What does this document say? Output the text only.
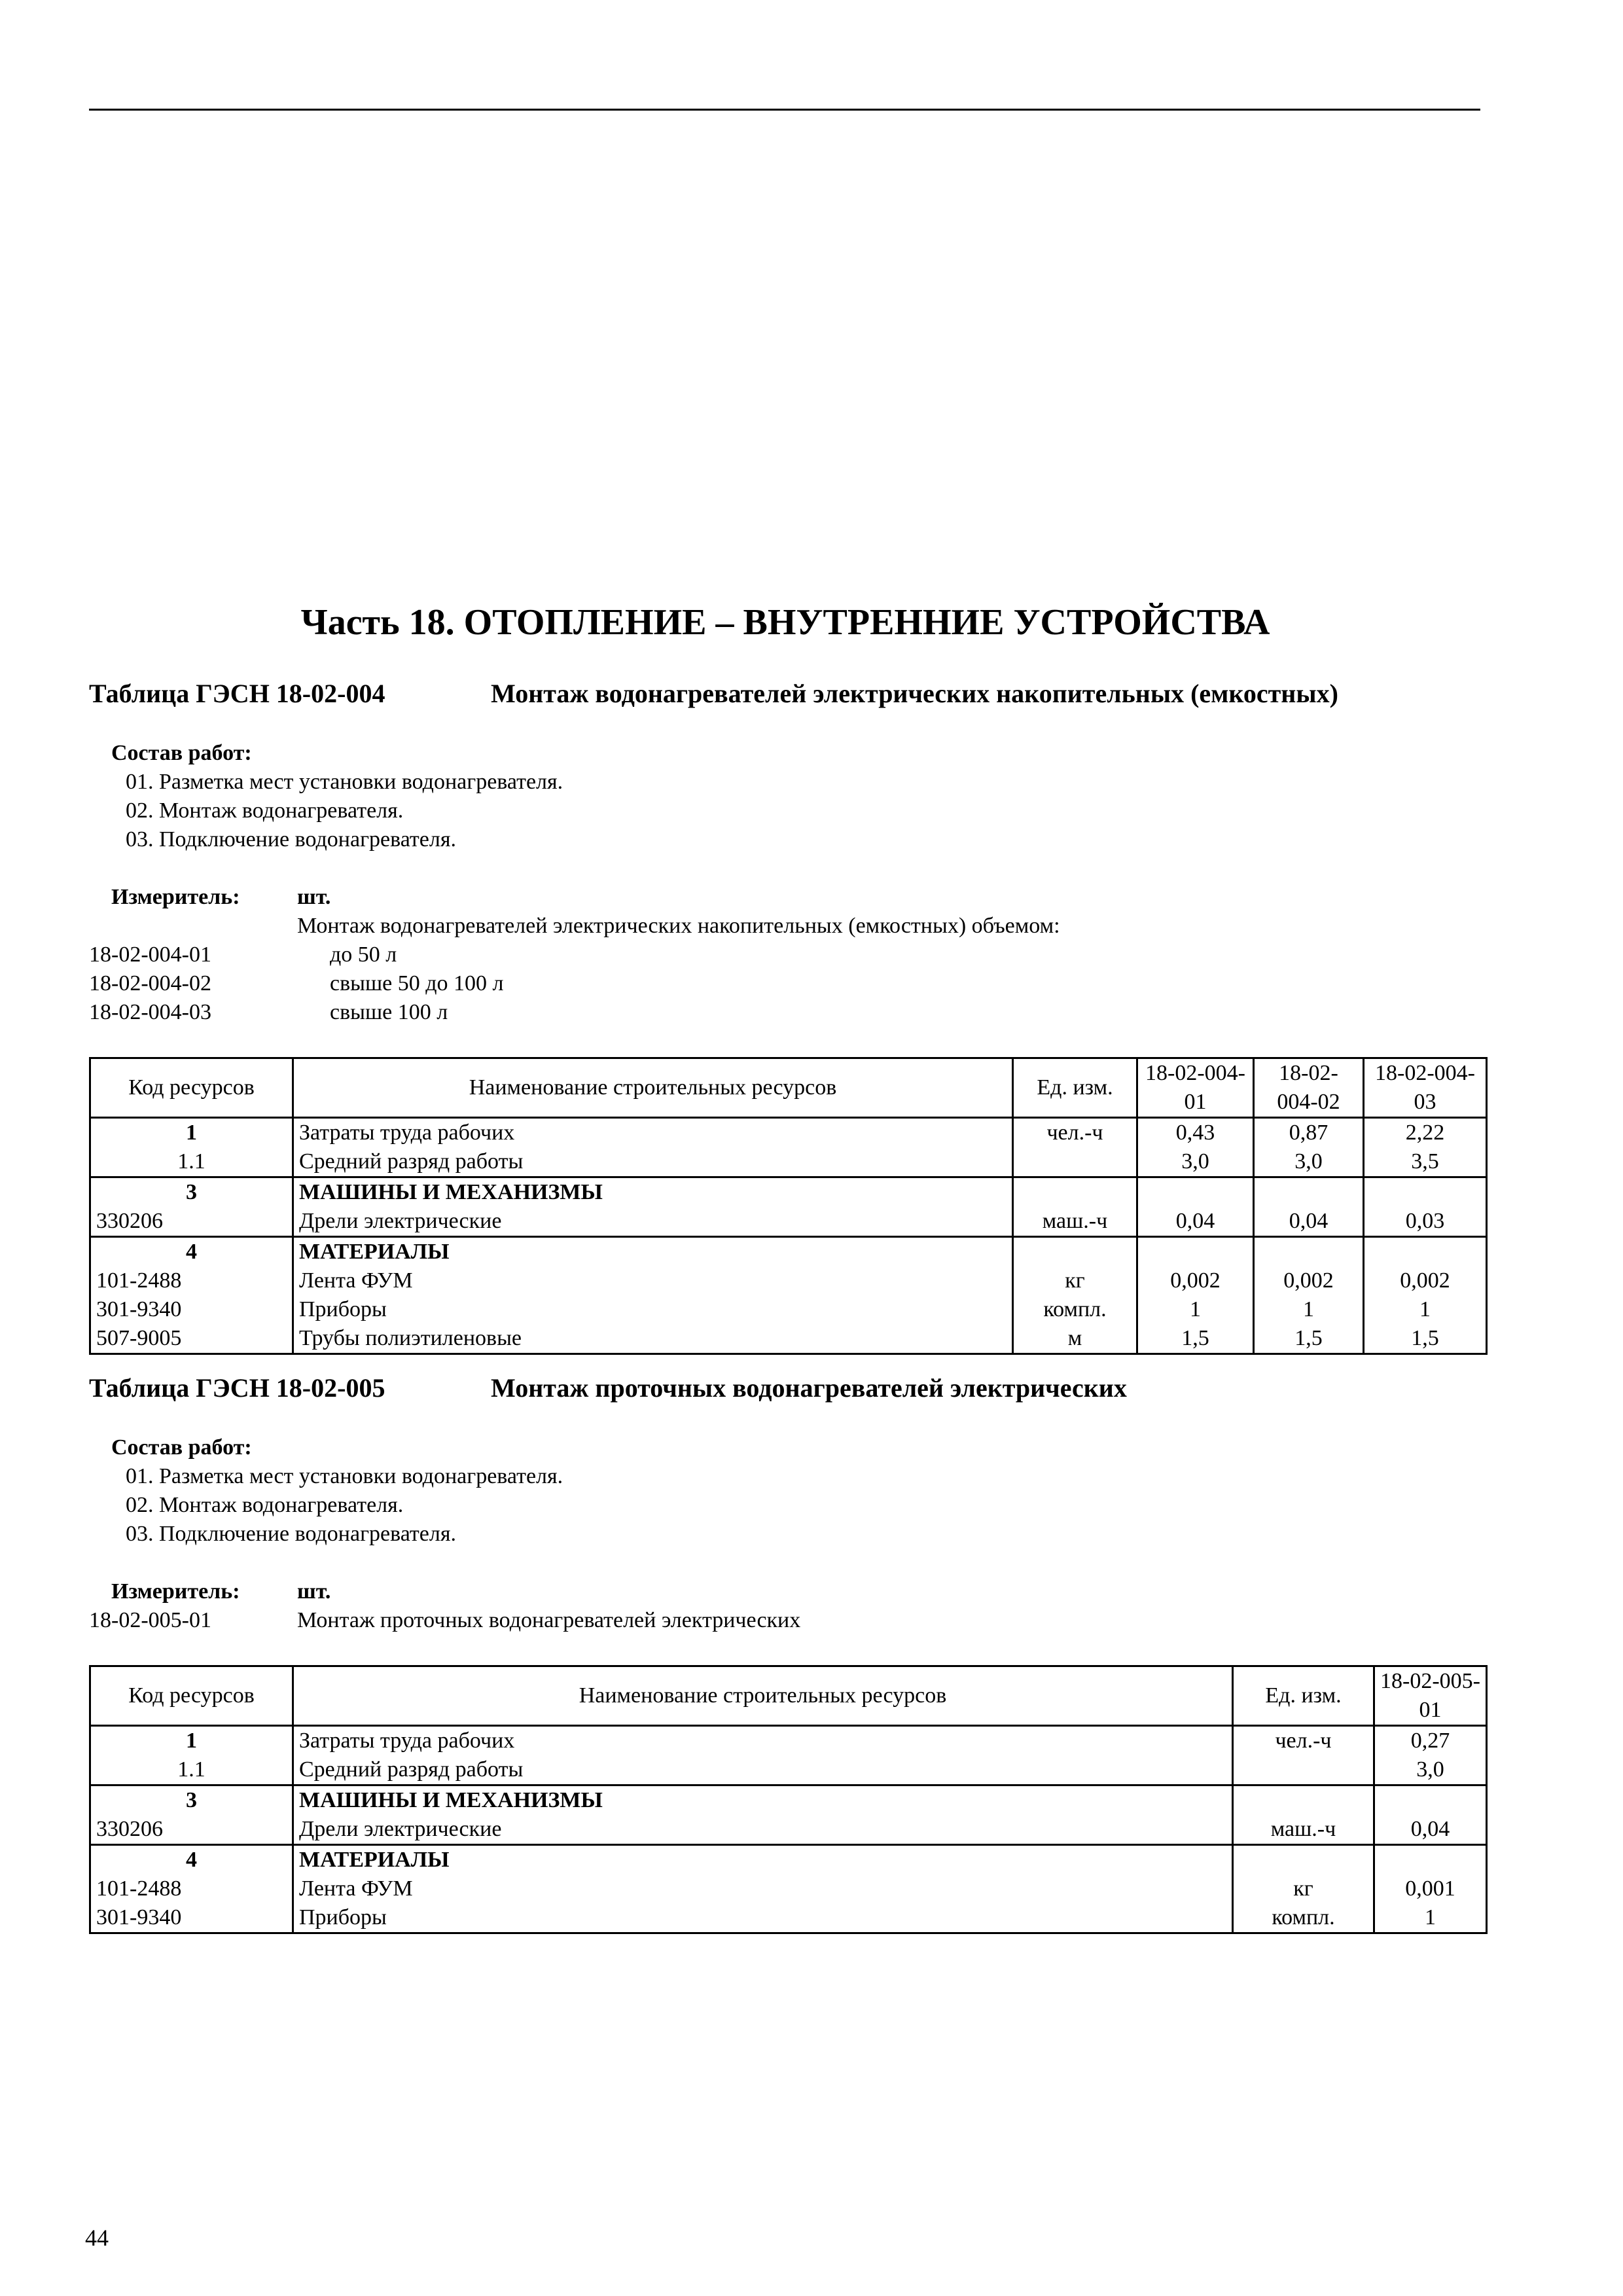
Часть 18. ОТОПЛЕНИЕ – ВНУТРЕННИЕ УСТРОЙСТВА
Таблица ГЭСН 18-02-004	Монтаж водонагревателей электрических накопительных (емкостных)
Состав работ:
01. Разметка мест установки водонагревателя.
02. Монтаж водонагревателя.
03. Подключение водонагревателя.
Измеритель:	шт.
Монтаж водонагревателей электрических накопительных (емкостных) объемом:
18-02-004-01	до 50 л
18-02-004-02	свыше 50 до 100 л
18-02-004-03	свыше 100 л
Код ресурсов	Наименование строительных ресурсов	Ед. изм.	18-02-004-01	18-02-004-02	18-02-004-03
1	Затраты труда рабочих	чел.-ч	0,43	0,87	2,22
1.1	Средний разряд работы		3,0	3,0	3,5
3	МАШИНЫ И МЕХАНИЗМЫ				
330206	Дрели электрические	маш.-ч	0,04	0,04	0,03
4	МАТЕРИАЛЫ				
101-2488	Лента ФУМ	кг	0,002	0,002	0,002
301-9340	Приборы	компл.	1	1	1
507-9005	Трубы полиэтиленовые	м	1,5	1,5	1,5
Таблица ГЭСН 18-02-005	Монтаж проточных водонагревателей электрических
Состав работ:
01. Разметка мест установки водонагревателя.
02. Монтаж водонагревателя.
03. Подключение водонагревателя.
Измеритель:	шт.
18-02-005-01	Монтаж проточных водонагревателей электрических
Код ресурсов	Наименование строительных ресурсов	Ед. изм.	18-02-005-01
1	Затраты труда рабочих	чел.-ч	0,27
1.1	Средний разряд работы		3,0
3	МАШИНЫ И МЕХАНИЗМЫ		
330206	Дрели электрические	маш.-ч	0,04
4	МАТЕРИАЛЫ		
101-2488	Лента ФУМ	кг	0,001
301-9340	Приборы	компл.	1
44
